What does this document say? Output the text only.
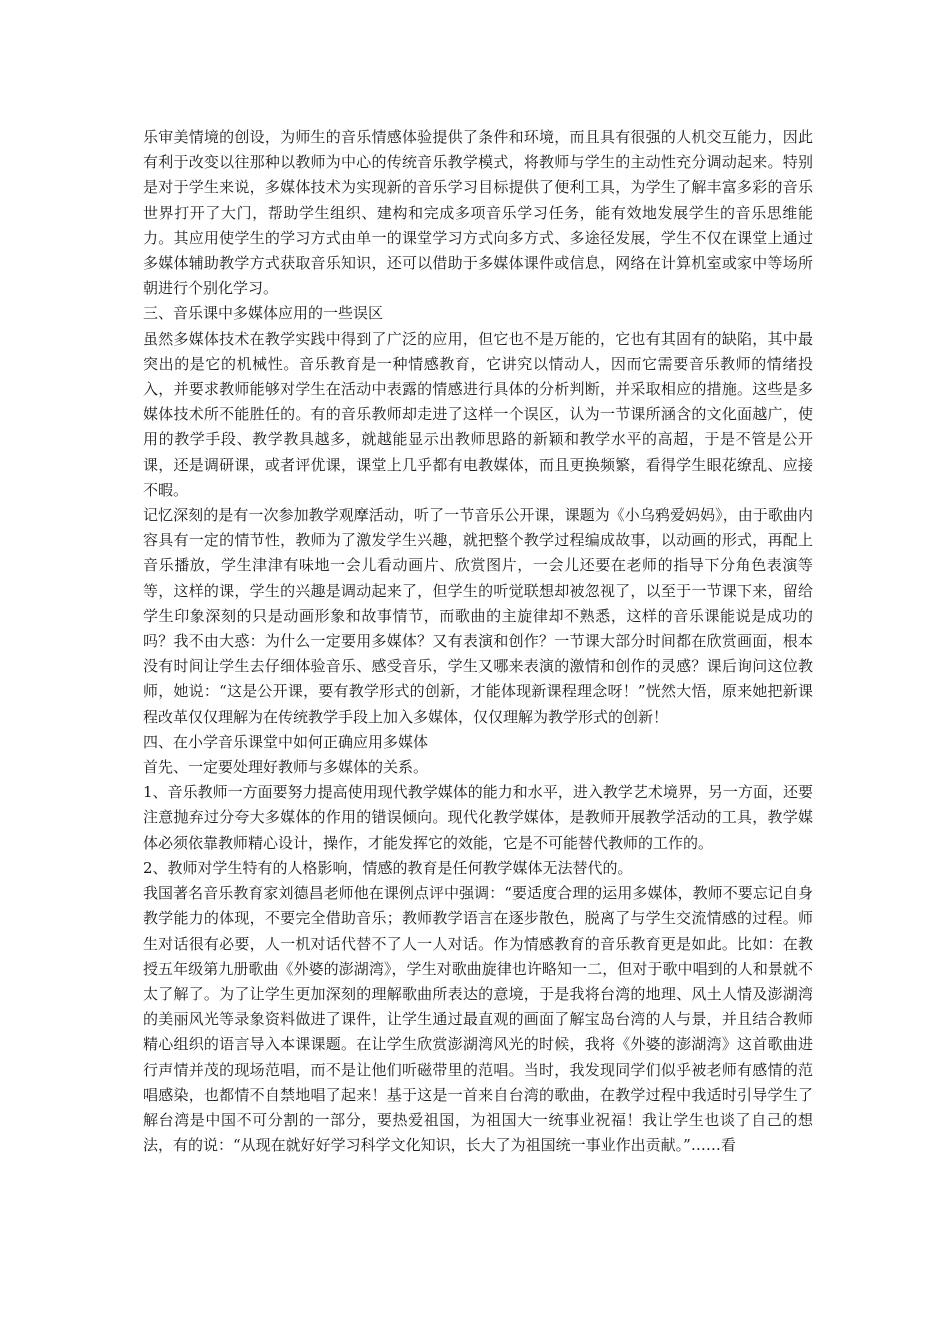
乐审美情境的创设，为师生的音乐情感体验提供了条件和环境，而且具有很强的人机交互能力，因此有利于改变以往那种以教师为中心的传统音乐教学模式，将教师与学生的主动性充分调动起来。特别是对于学生来说，多媒体技术为实现新的音乐学习目标提供了便利工具，为学生了解丰富多彩的音乐世界打开了大门，帮助学生组织、建构和完成多项音乐学习任务，能有效地发展学生的音乐思维能力。其应用使学生的学习方式由单一的课堂学习方式向多方式、多途径发展，学生不仅在课堂上通过多媒体辅助教学方式获取音乐知识，还可以借助于多媒体课件或信息，网络在计算机室或家中等场所朝进行个别化学习。

三、音乐课中多媒体应用的一些误区

虽然多媒体技术在教学实践中得到了广泛的应用，但它也不是万能的，它也有其固有的缺陷，其中最突出的是它的机械性。音乐教育是一种情感教育，它讲究以情动人，因而它需要音乐教师的情绪投入，并要求教师能够对学生在活动中表露的情感进行具体的分析判断，并采取相应的措施。这些是多媒体技术所不能胜任的。有的音乐教师却走进了这样一个误区，认为一节课所涵含的文化面越广，使用的教学手段、教学教具越多，就越能显示出教师思路的新颖和教学水平的高超，于是不管是公开课，还是调研课，或者评优课，课堂上几乎都有电教媒体，而且更换频繁，看得学生眼花缭乱、应接不暇。

记忆深刻的是有一次参加教学观摩活动，听了一节音乐公开课，课题为《小乌鸦爱妈妈》，由于歌曲内容具有一定的情节性，教师为了激发学生兴趣，就把整个教学过程编成故事，以动画的形式，再配上音乐播放，学生津津有味地一会儿看动画片、欣赏图片，一会儿还要在老师的指导下分角色表演等等，这样的课，学生的兴趣是调动起来了，但学生的听觉联想却被忽视了，以至于一节课下来，留给学生印象深刻的只是动画形象和故事情节，而歌曲的主旋律却不熟悉，这样的音乐课能说是成功的吗？我不由大惑：为什么一定要用多媒体？又有表演和创作？一节课大部分时间都在欣赏画面，根本没有时间让学生去仔细体验音乐、感受音乐，学生又哪来表演的激情和创作的灵感？课后询问这位教师，她说：“这是公开课，要有教学形式的创新，才能体现新课程理念呀！”恍然大悟，原来她把新课程改革仅仅理解为在传统教学手段上加入多媒体，仅仅理解为教学形式的创新！

四、在小学音乐课堂中如何正确应用多媒体

首先、一定要处理好教师与多媒体的关系。

1、音乐教师一方面要努力提高使用现代教学媒体的能力和水平，进入教学艺术境界，另一方面，还要注意抛弃过分夸大多媒体的作用的错误倾向。现代化教学媒体，是教师开展教学活动的工具，教学媒体必须依靠教师精心设计，操作，才能发挥它的效能，它是不可能替代教师的工作的。

2、教师对学生特有的人格影响，情感的教育是任何教学媒体无法替代的。

我国著名音乐教育家刘德昌老师他在课例点评中强调：“要适度合理的运用多媒体，教师不要忘记自身教学能力的体现，不要完全借助音乐；教师教学语言在逐步散色，脱离了与学生交流情感的过程。师生对话很有必要，人一机对话代替不了人一人对话。作为情感教育的音乐教育更是如此。比如：在教授五年级第九册歌曲《外婆的澎湖湾》，学生对歌曲旋律也许略知一二，但对于歌中唱到的人和景就不太了解了。为了让学生更加深刻的理解歌曲所表达的意境，于是我将台湾的地理、风土人情及澎湖湾的美丽风光等录象资料做进了课件，让学生通过最直观的画面了解宝岛台湾的人与景，并且结合教师精心组织的语言导入本课课题。在让学生欣赏澎湖湾风光的时候，我将《外婆的澎湖湾》这首歌曲进行声情并茂的现场范唱，而不是让他们听磁带里的范唱。当时，我发现同学们似乎被老师有感情的范唱感染，也都情不自禁地唱了起来！基于这是一首来自台湾的歌曲，在教学过程中我适时引导学生了解台湾是中国不可分割的一部分，要热爱祖国，为祖国大一统事业祝福！我让学生也谈了自己的想法，有的说：“从现在就好好学习科学文化知识，长大了为祖国统一事业作出贡献。”……看
